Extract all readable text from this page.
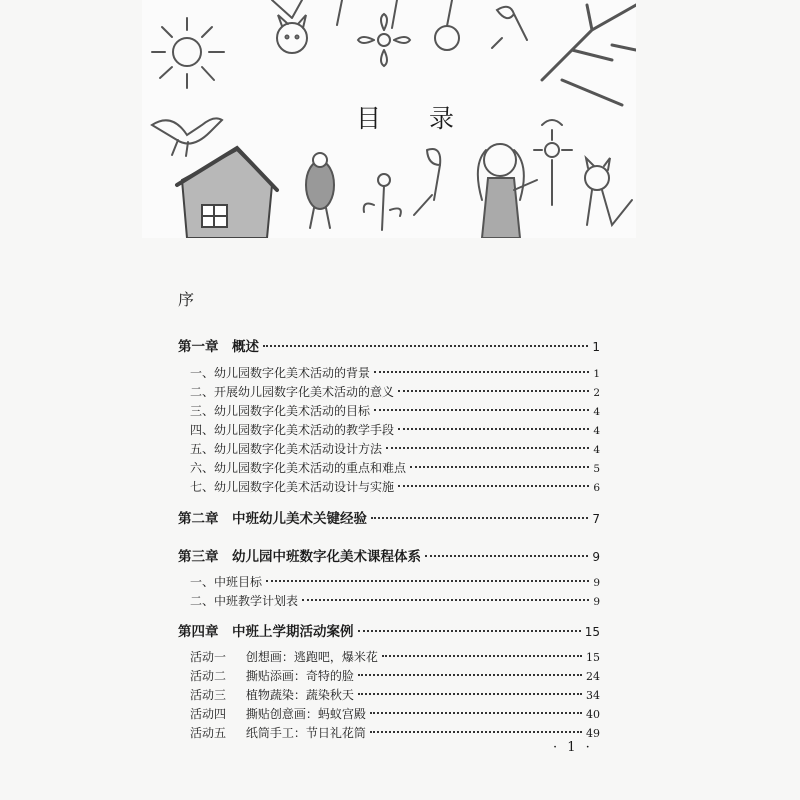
目 录
序
第一章　概述	1
一、幼儿园数字化美术活动的背景	1
二、开展幼儿园数字化美术活动的意义	2
三、幼儿园数字化美术活动的目标	4
四、幼儿园数字化美术活动的教学手段	4
五、幼儿园数字化美术活动设计方法	4
六、幼儿园数字化美术活动的重点和难点	5
七、幼儿园数字化美术活动设计与实施	6
第二章　中班幼儿美术关键经验	7
第三章　幼儿园中班数字化美术课程体系	9
一、中班目标	9
二、中班教学计划表	9
第四章　中班上学期活动案例	15
活动一 创想画：逃跑吧，爆米花	15
活动二 撕贴添画：奇特的脸	24
活动三 植物蔬染：蔬染秋天	34
活动四 撕贴创意画：蚂蚁宫殿	40
活动五 纸筒手工：节日礼花筒	49
· 1 ·
